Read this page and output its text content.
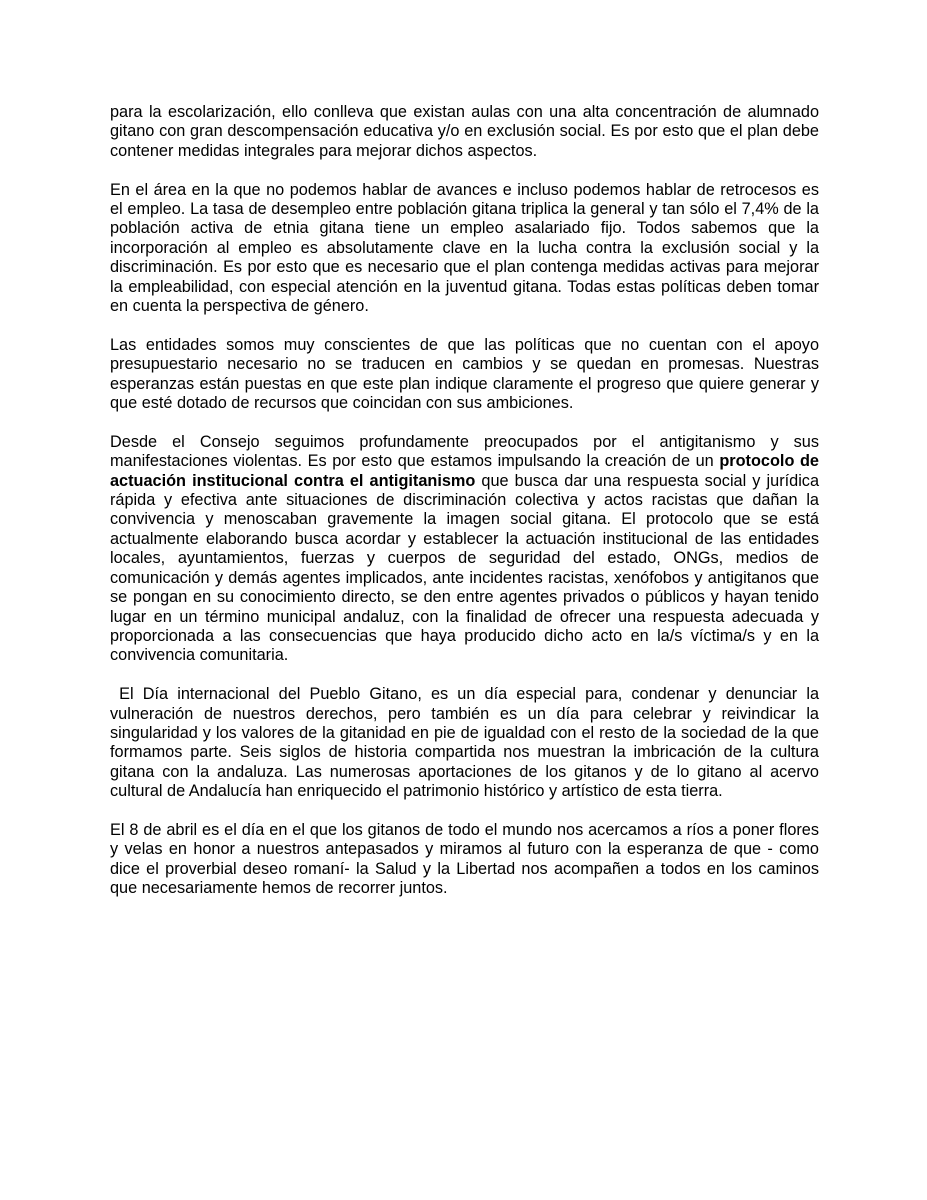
para la escolarización, ello conlleva que existan aulas con una alta concentración de alumnado gitano con gran descompensación educativa y/o en exclusión social. Es por esto que el plan debe contener medidas integrales para mejorar dichos aspectos.

En el área en la que no podemos hablar de avances e incluso podemos hablar de retrocesos es el empleo. La tasa de desempleo entre población gitana triplica la general y tan sólo el 7,4% de la población activa de etnia gitana tiene un empleo asalariado fijo. Todos sabemos que la incorporación al empleo es absolutamente clave en la lucha contra la exclusión social y la discriminación. Es por esto que es necesario que el plan contenga medidas activas para mejorar la empleabilidad, con especial atención en la juventud gitana. Todas estas políticas deben tomar en cuenta la perspectiva de género.

Las entidades somos muy conscientes de que las políticas que no cuentan con el apoyo presupuestario necesario no se traducen en cambios y se quedan en promesas. Nuestras esperanzas están puestas en que este plan indique claramente el progreso que quiere generar y que esté dotado de recursos que coincidan con sus ambiciones.

Desde el Consejo seguimos profundamente preocupados por el antigitanismo y sus manifestaciones violentas. Es por esto que estamos impulsando la creación de un protocolo de actuación institucional contra el antigitanismo que busca dar una respuesta social y jurídica rápida y efectiva ante situaciones de discriminación colectiva y actos racistas que dañan la convivencia y menoscaban gravemente la imagen social gitana. El protocolo que se está actualmente elaborando busca acordar y establecer la actuación institucional de las entidades locales, ayuntamientos, fuerzas y cuerpos de seguridad del estado, ONGs, medios de comunicación y demás agentes implicados, ante incidentes racistas, xenófobos y antigitanos que se pongan en su conocimiento directo, se den entre agentes privados o públicos y hayan tenido lugar en un término municipal andaluz, con la finalidad de ofrecer una respuesta adecuada y proporcionada a las consecuencias que haya producido dicho acto en la/s víctima/s y en la convivencia comunitaria.

El Día internacional del Pueblo Gitano, es un día especial para, condenar y denunciar la vulneración de nuestros derechos, pero también es un día para celebrar y reivindicar la singularidad y los valores de la gitanidad en pie de igualdad con el resto de la sociedad de la que formamos parte. Seis siglos de historia compartida nos muestran la imbricación de la cultura gitana con la andaluza. Las numerosas aportaciones de los gitanos y de lo gitano al acervo cultural de Andalucía han enriquecido el patrimonio histórico y artístico de esta tierra.

El 8 de abril es el día en el que los gitanos de todo el mundo nos acercamos a ríos a poner flores y velas en honor a nuestros antepasados y miramos al futuro con la esperanza de que - como dice el proverbial deseo romaní- la Salud y la Libertad nos acompañen a todos en los caminos que necesariamente hemos de recorrer juntos.
